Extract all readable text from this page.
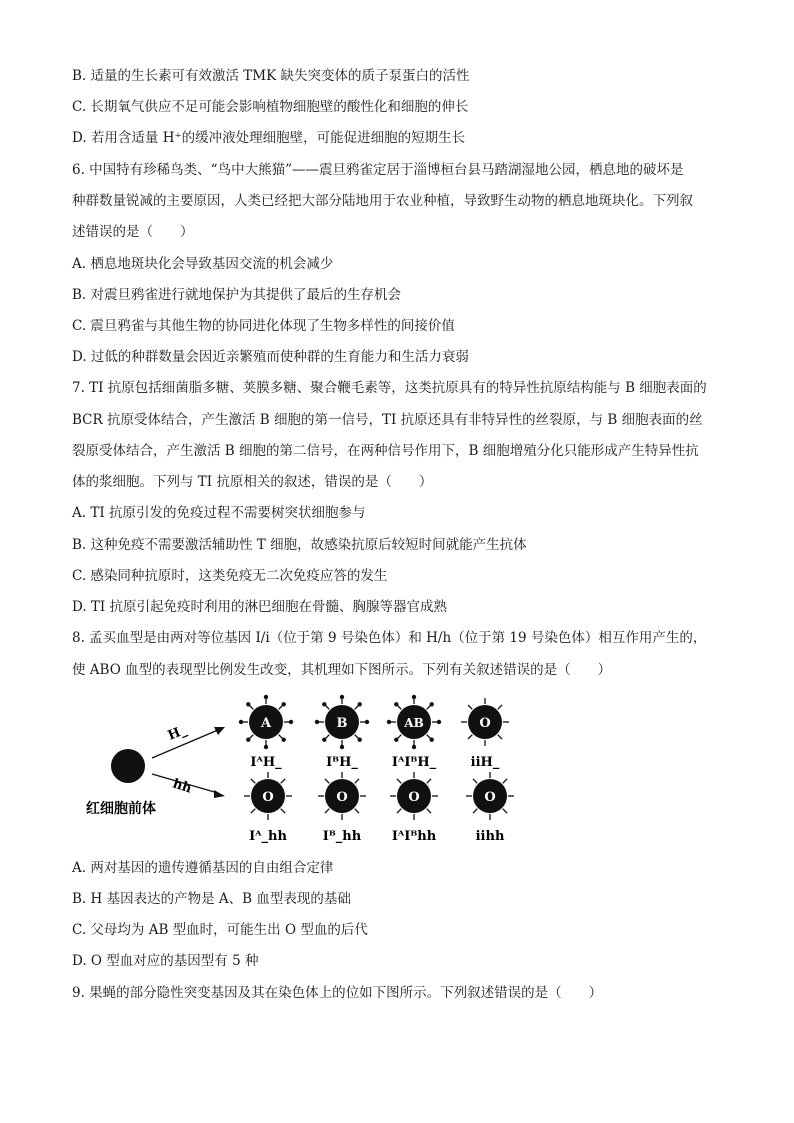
B. 适量的生长素可有效激活 TMK 缺失突变体的质子泵蛋白的活性
C. 长期氧气供应不足可能会影响植物细胞壁的酸性化和细胞的伸长
D. 若用含适量 H⁺的缓冲液处理细胞壁，可能促进细胞的短期生长
6. 中国特有珍稀鸟类、“鸟中大熊猫”——震旦鸦雀定居于淄博桓台县马踏湖湿地公园，栖息地的破坏是
种群数量锐减的主要原因，人类已经把大部分陆地用于农业种植，导致野生动物的栖息地斑块化。下列叙
述错误的是（　　）
A. 栖息地斑块化会导致基因交流的机会减少
B. 对震旦鸦雀进行就地保护为其提供了最后的生存机会
C. 震旦鸦雀与其他生物的协同进化体现了生物多样性的间接价值
D. 过低的种群数量会因近亲繁殖而使种群的生育能力和生活力衰弱
7. TI 抗原包括细菌脂多糖、荚膜多糖、聚合鞭毛素等，这类抗原具有的特异性抗原结构能与 B 细胞表面的
BCR 抗原受体结合，产生激活 B 细胞的第一信号，TI 抗原还具有非特异性的丝裂原，与 B 细胞表面的丝
裂原受体结合，产生激活 B 细胞的第二信号，在两种信号作用下，B 细胞增殖分化只能形成产生特异性抗
体的浆细胞。下列与 TI 抗原相关的叙述，错误的是（　　）
A. TI 抗原引发的免疫过程不需要树突状细胞参与
B. 这种免疫不需要激活辅助性 T 细胞，故感染抗原后较短时间就能产生抗体
C. 感染同种抗原时，这类免疫无二次免疫应答的发生
D. TI 抗原引起免疫时利用的淋巴细胞在骨髓、胸腺等器官成熟
8. 孟买血型是由两对等位基因 I/i（位于第 9 号染色体）和 H/h（位于第 19 号染色体）相互作用产生的，
使 ABO 血型的表现型比例发生改变，其机理如下图所示。下列有关叙述错误的是（　　）
红细胞前体
H_
hh
A	B	AB	O
IᴬH_	IᴮH_	IᴬIᴮH_	iiH_
O	O	O	O
Iᴬ_hh	Iᴮ_hh IᴬIᴮhh	iihh
A. 两对基因的遗传遵循基因的自由组合定律
B. H 基因表达的产物是 A、B 血型表现的基础
C. 父母均为 AB 型血时，可能生出 O 型血的后代
D. O 型血对应的基因型有 5 种
9. 果蝇的部分隐性突变基因及其在染色体上的位如下图所示。下列叙述错误的是（　　）
